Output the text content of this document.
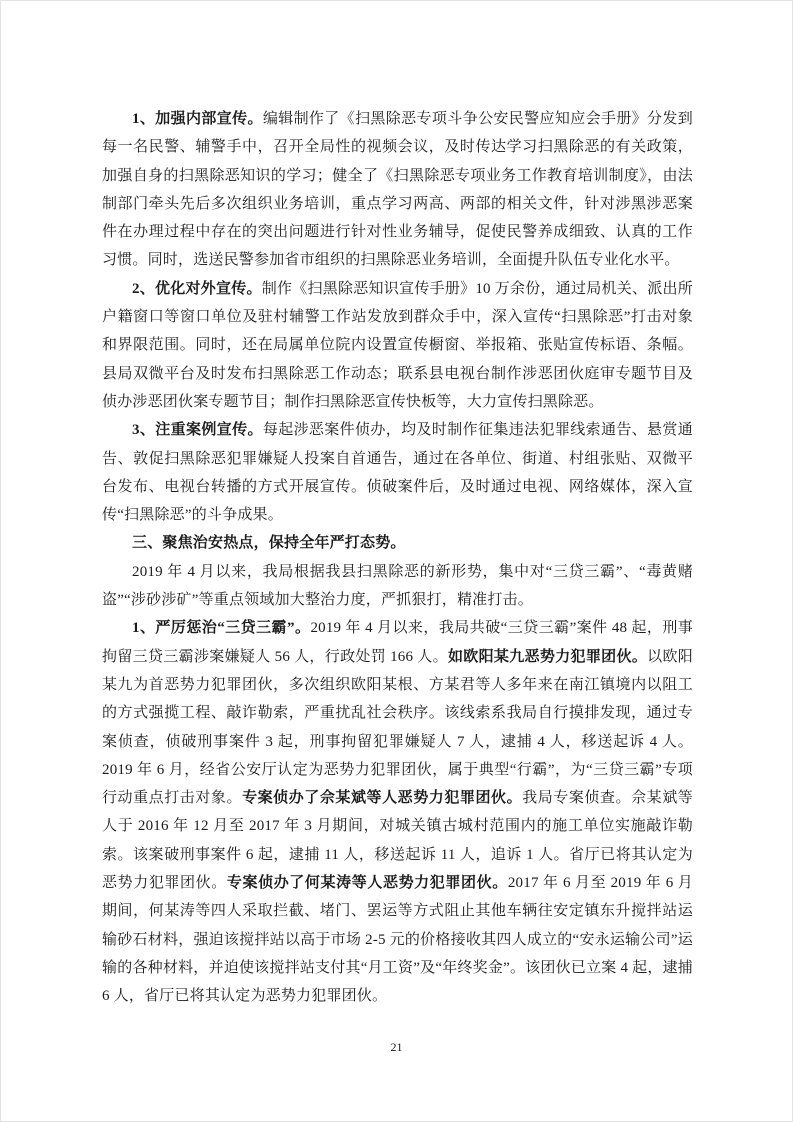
1、加强内部宣传。编辑制作了《扫黑除恶专项斗争公安民警应知应会手册》分发到每一名民警、辅警手中，召开全局性的视频会议，及时传达学习扫黑除恶的有关政策，加强自身的扫黑除恶知识的学习；健全了《扫黑除恶专项业务工作教育培训制度》，由法制部门牵头先后多次组织业务培训，重点学习两高、两部的相关文件，针对涉黑涉恶案件在办理过程中存在的突出问题进行针对性业务辅导，促使民警养成细致、认真的工作习惯。同时，选送民警参加省市组织的扫黑除恶业务培训，全面提升队伍专业化水平。

2、优化对外宣传。制作《扫黑除恶知识宣传手册》10 万余份，通过局机关、派出所户籍窗口等窗口单位及驻村辅警工作站发放到群众手中，深入宣传“扫黑除恶”打击对象和界限范围。同时，还在局属单位院内设置宣传橱窗、举报箱、张贴宣传标语、条幅。县局双微平台及时发布扫黑除恶工作动态；联系县电视台制作涉恶团伙庭审专题节目及侦办涉恶团伙案专题节目；制作扫黑除恶宣传快板等，大力宣传扫黑除恶。

3、注重案例宣传。每起涉恶案件侦办，均及时制作征集违法犯罪线索通告、悬赏通告、敦促扫黑除恶犯罪嫌疑人投案自首通告，通过在各单位、街道、村组张贴、双微平台发布、电视台转播的方式开展宣传。侦破案件后，及时通过电视、网络媒体，深入宣传“扫黑除恶”的斗争成果。

三、聚焦治安热点，保持全年严打态势。

2019 年 4 月以来，我局根据我县扫黑除恶的新形势，集中对“三贷三霸”、“毒黄赌盗”“涉砂涉矿”等重点领域加大整治力度，严抓狠打，精准打击。

1、严厉惩治“三贷三霸”。2019 年 4 月以来，我局共破“三贷三霸”案件 48 起，刑事拘留三贷三霸涉案嫌疑人 56 人，行政处罚 166 人。如欧阳某九恶势力犯罪团伙。以欧阳某九为首恶势力犯罪团伙，多次组织欧阳某根、方某君等人多年来在南江镇境内以阻工的方式强揽工程、敲诈勒索，严重扰乱社会秩序。该线索系我局自行摸排发现，通过专案侦查，侦破刑事案件 3 起，刑事拘留犯罪嫌疑人 7 人，逮捕 4 人，移送起诉 4 人。2019 年 6 月，经省公安厅认定为恶势力犯罪团伙，属于典型“行霸”，为“三贷三霸”专项行动重点打击对象。专案侦办了佘某斌等人恶势力犯罪团伙。我局专案侦查。佘某斌等人于 2016 年 12 月至 2017 年 3 月期间，对城关镇古城村范围内的施工单位实施敲诈勒索。该案破刑事案件 6 起，逮捕 11 人，移送起诉 11 人，追诉 1 人。省厅已将其认定为恶势力犯罪团伙。专案侦办了何某涛等人恶势力犯罪团伙。2017 年 6 月至 2019 年 6 月期间，何某涛等四人采取拦截、堵门、罢运等方式阻止其他车辆往安定镇东升搅拌站运输砂石材料，强迫该搅拌站以高于市场 2-5 元的价格接收其四人成立的“安永运输公司”运输的各种材料，并迫使该搅拌站支付其“月工资”及“年终奖金”。该团伙已立案 4 起，逮捕 6 人，省厅已将其认定为恶势力犯罪团伙。

21
